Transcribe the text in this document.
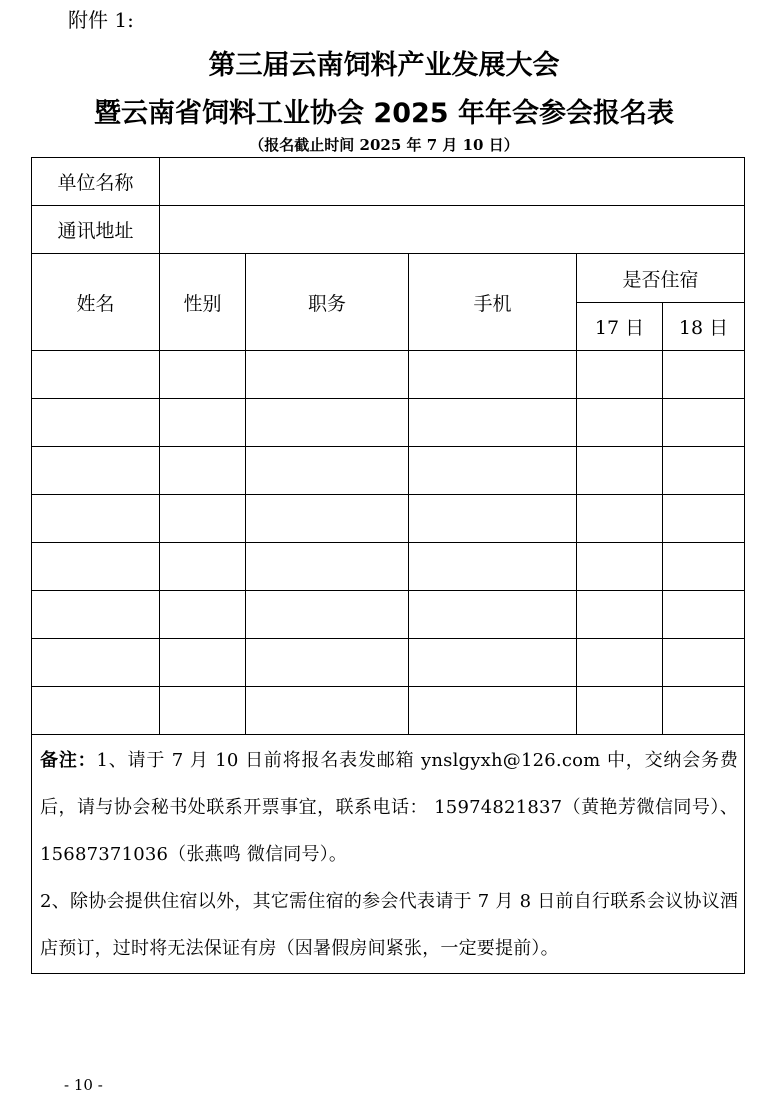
附件 1:
第三届云南饲料产业发展大会
暨云南省饲料工业协会 2025 年年会参会报名表
（报名截止时间 2025 年 7 月 10 日）
单位名称					
通讯地址					
姓名	性别	职务	手机	是否住宿	
				17 日	18 日

备注：1、请于 7 月 10 日前将报名表发邮箱 ynslgyxh@126.com 中，交纳会务费后，请与协会秘书处联系开票事宜，联系电话： 15974821837（黄艳芳微信同号）、15687371036（张燕鸣 微信同号）。

2、除协会提供住宿以外，其它需住宿的参会代表请于 7 月 8 日前自行联系会议协议酒店预订，过时将无法保证有房（因暑假房间紧张，一定要提前）。					

- 10 -
